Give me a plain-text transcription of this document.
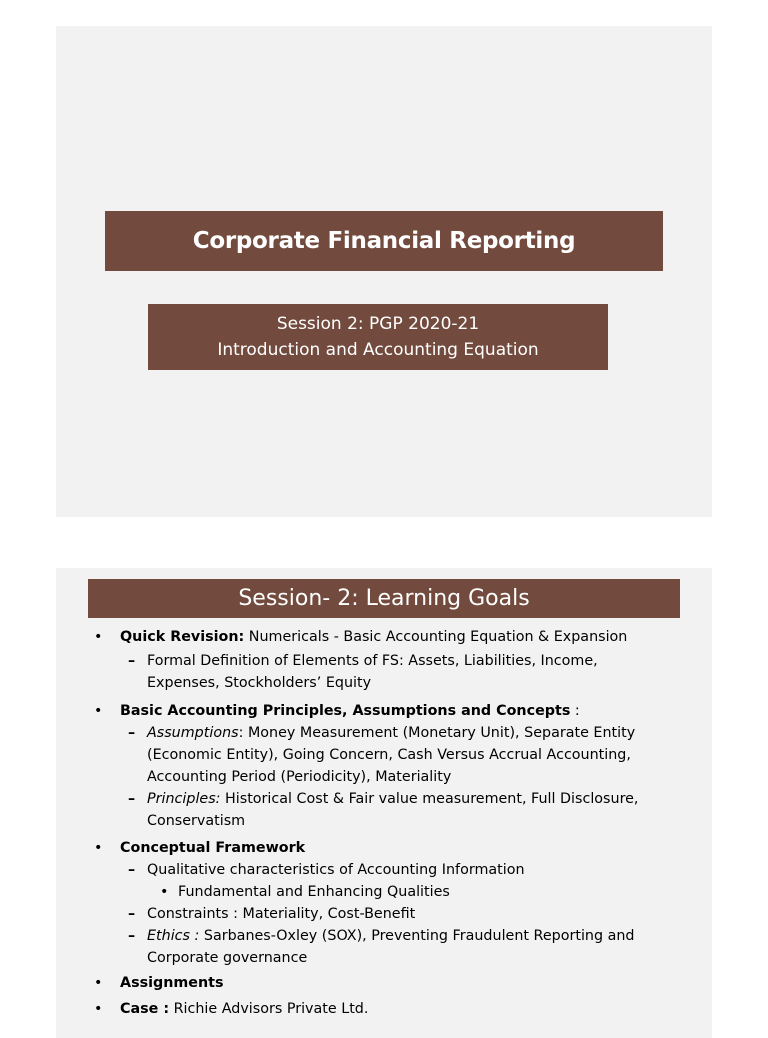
Corporate Financial Reporting
Session 2: PGP 2020-21
Introduction and Accounting Equation
Session- 2: Learning Goals
• Quick Revision: Numericals - Basic Accounting Equation & Expansion
– Formal Definition of Elements of FS: Assets, Liabilities, Income,
Expenses, Stockholders’ Equity
• Basic Accounting Principles, Assumptions and Concepts :
– Assumptions: Money Measurement (Monetary Unit), Separate Entity
(Economic Entity), Going Concern, Cash Versus Accrual Accounting,
Accounting Period (Periodicity), Materiality
– Principles: Historical Cost & Fair value measurement, Full Disclosure,
Conservatism
• Conceptual Framework
– Qualitative characteristics of Accounting Information
• Fundamental and Enhancing Qualities
– Constraints : Materiality, Cost-Benefit
– Ethics : Sarbanes-Oxley (SOX), Preventing Fraudulent Reporting and
Corporate governance
• Assignments
• Case : Richie Advisors Private Ltd.
